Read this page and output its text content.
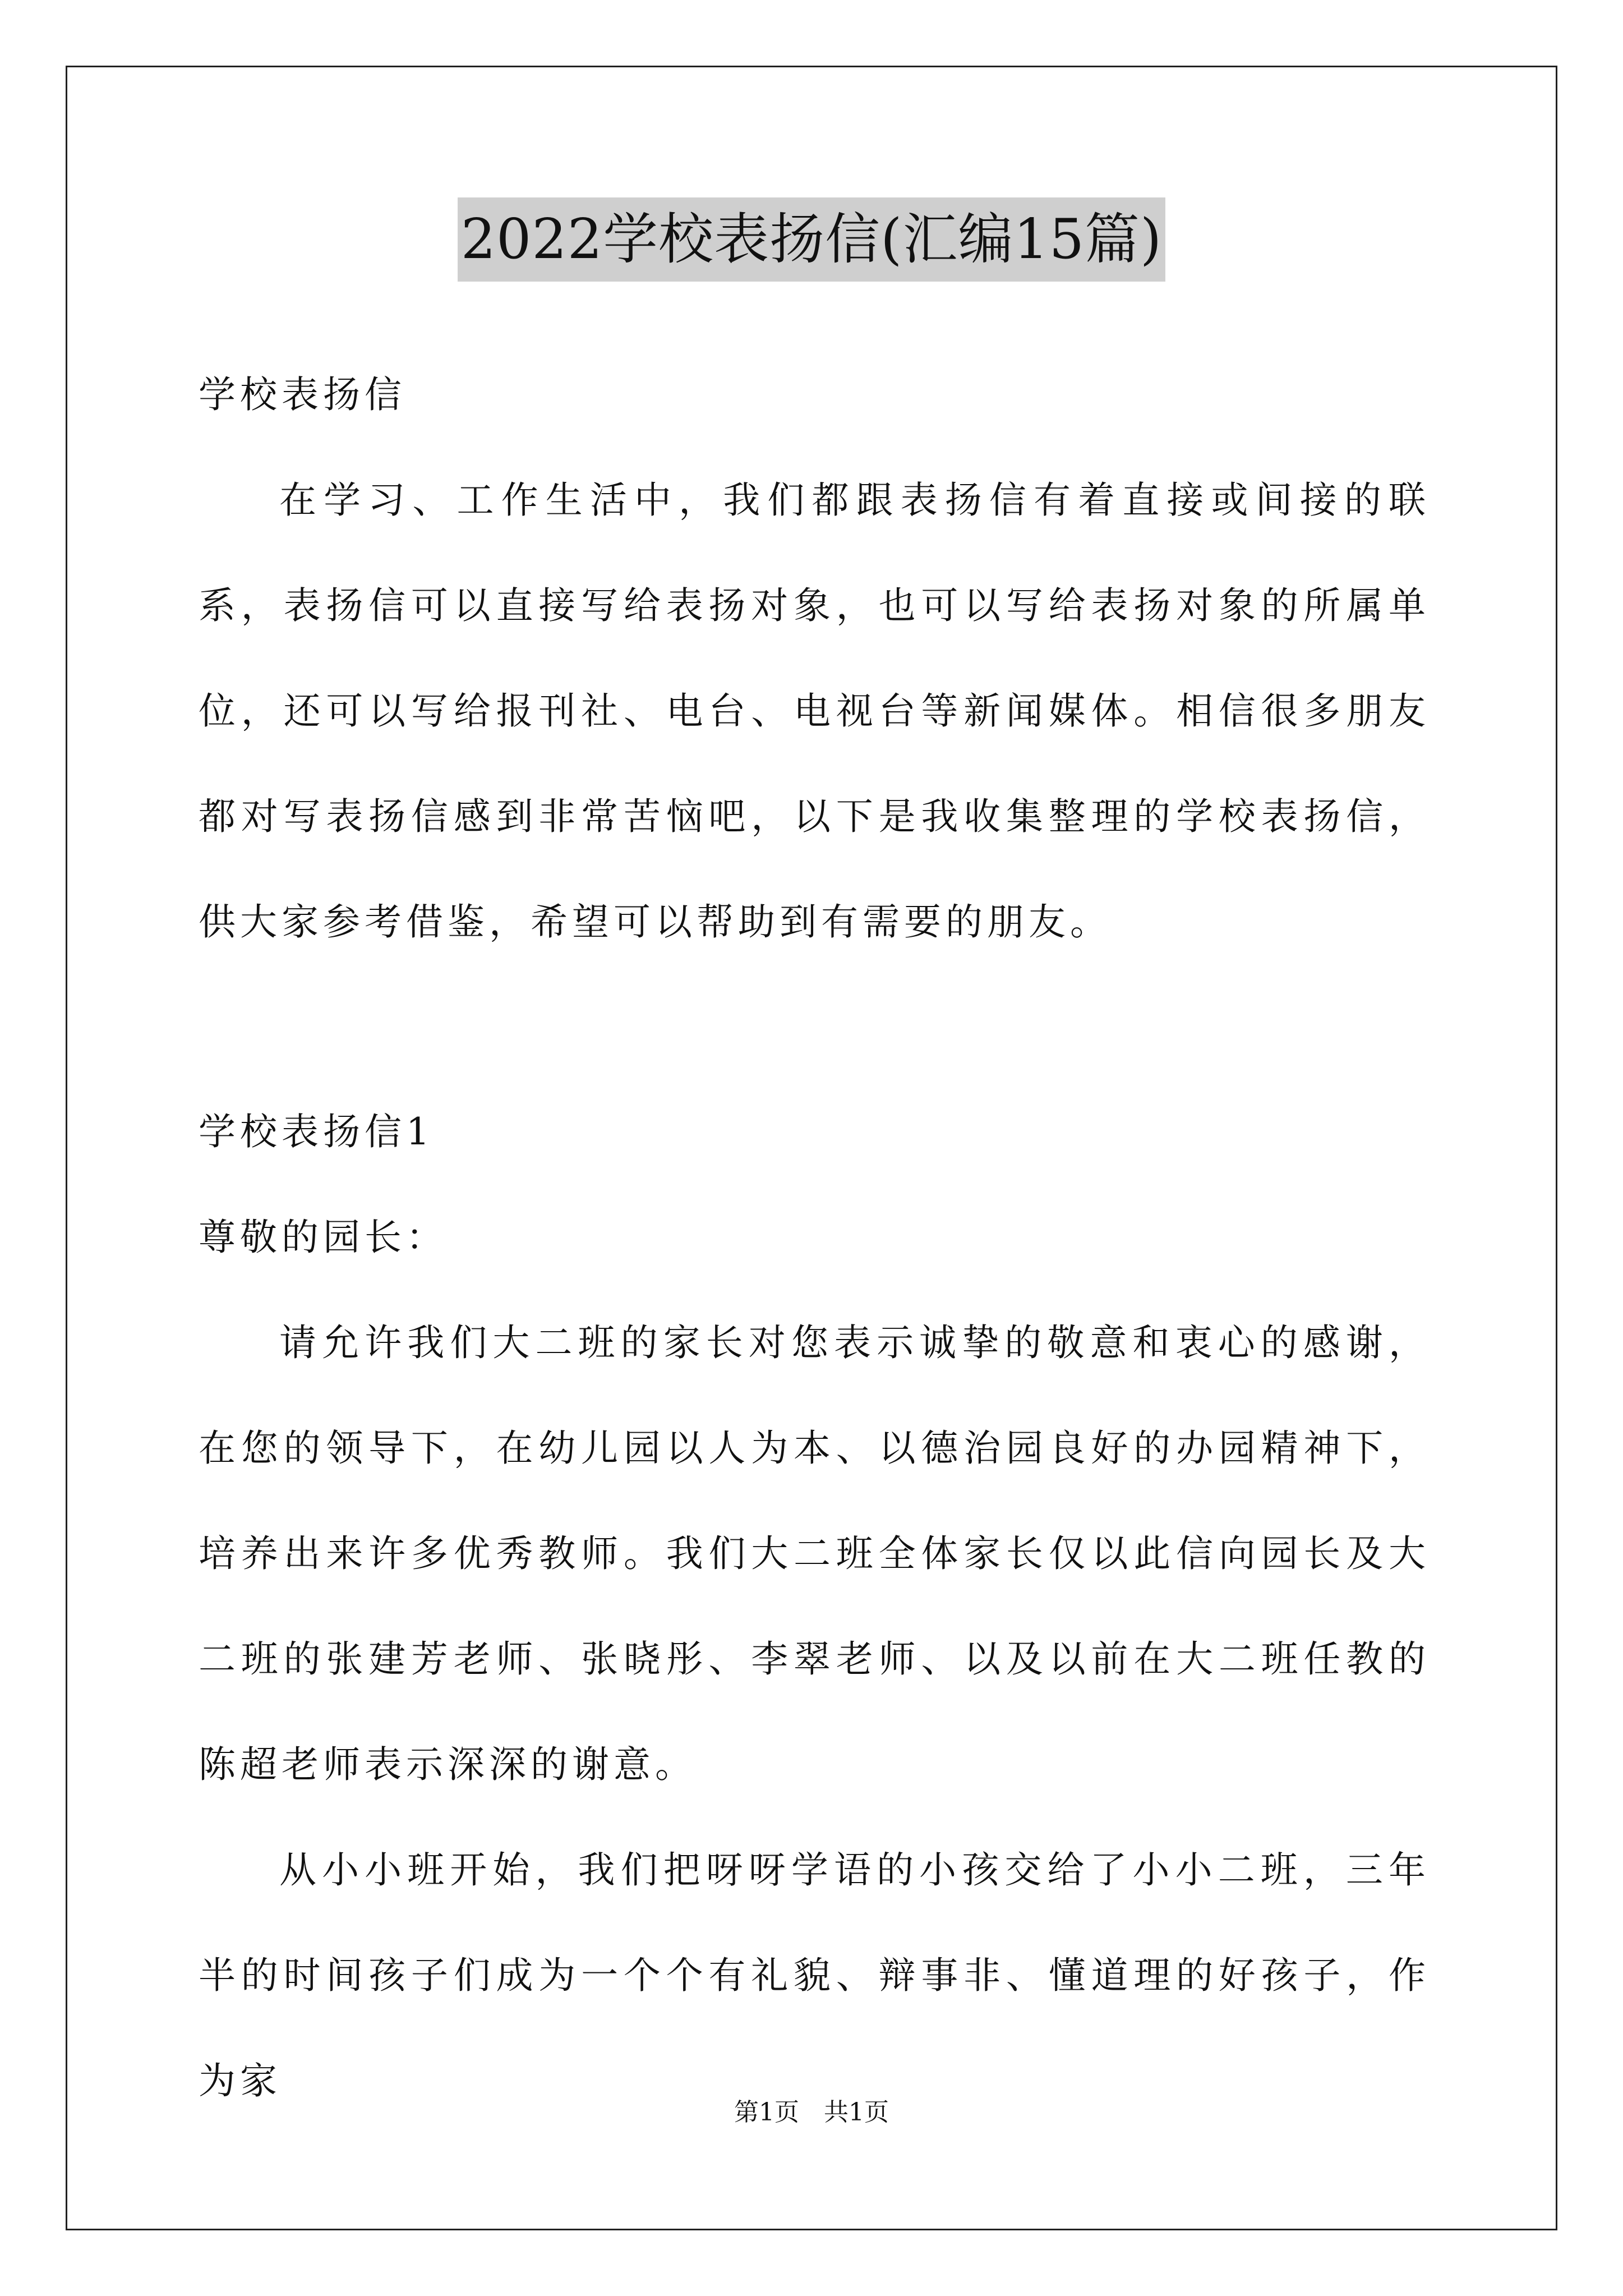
2022学校表扬信(汇编15篇)

学校表扬信

在学习、工作生活中，我们都跟表扬信有着直接或间接的联系，表扬信可以直接写给表扬对象，也可以写给表扬对象的所属单位，还可以写给报刊社、电台、电视台等新闻媒体。相信很多朋友都对写表扬信感到非常苦恼吧，以下是我收集整理的学校表扬信，供大家参考借鉴，希望可以帮助到有需要的朋友。

学校表扬信1

尊敬的园长：

请允许我们大二班的家长对您表示诚挚的敬意和衷心的感谢，在您的领导下，在幼儿园以人为本、以德治园良好的办园精神下，培养出来许多优秀教师。我们大二班全体家长仅以此信向园长及大二班的张建芳老师、张晓彤、李翠老师、以及以前在大二班任教的陈超老师表示深深的谢意。

从小小班开始，我们把呀呀学语的小孩交给了小小二班，三年半的时间孩子们成为一个个有礼貌、辩事非、懂道理的好孩子，作为家

第1页　共1页
